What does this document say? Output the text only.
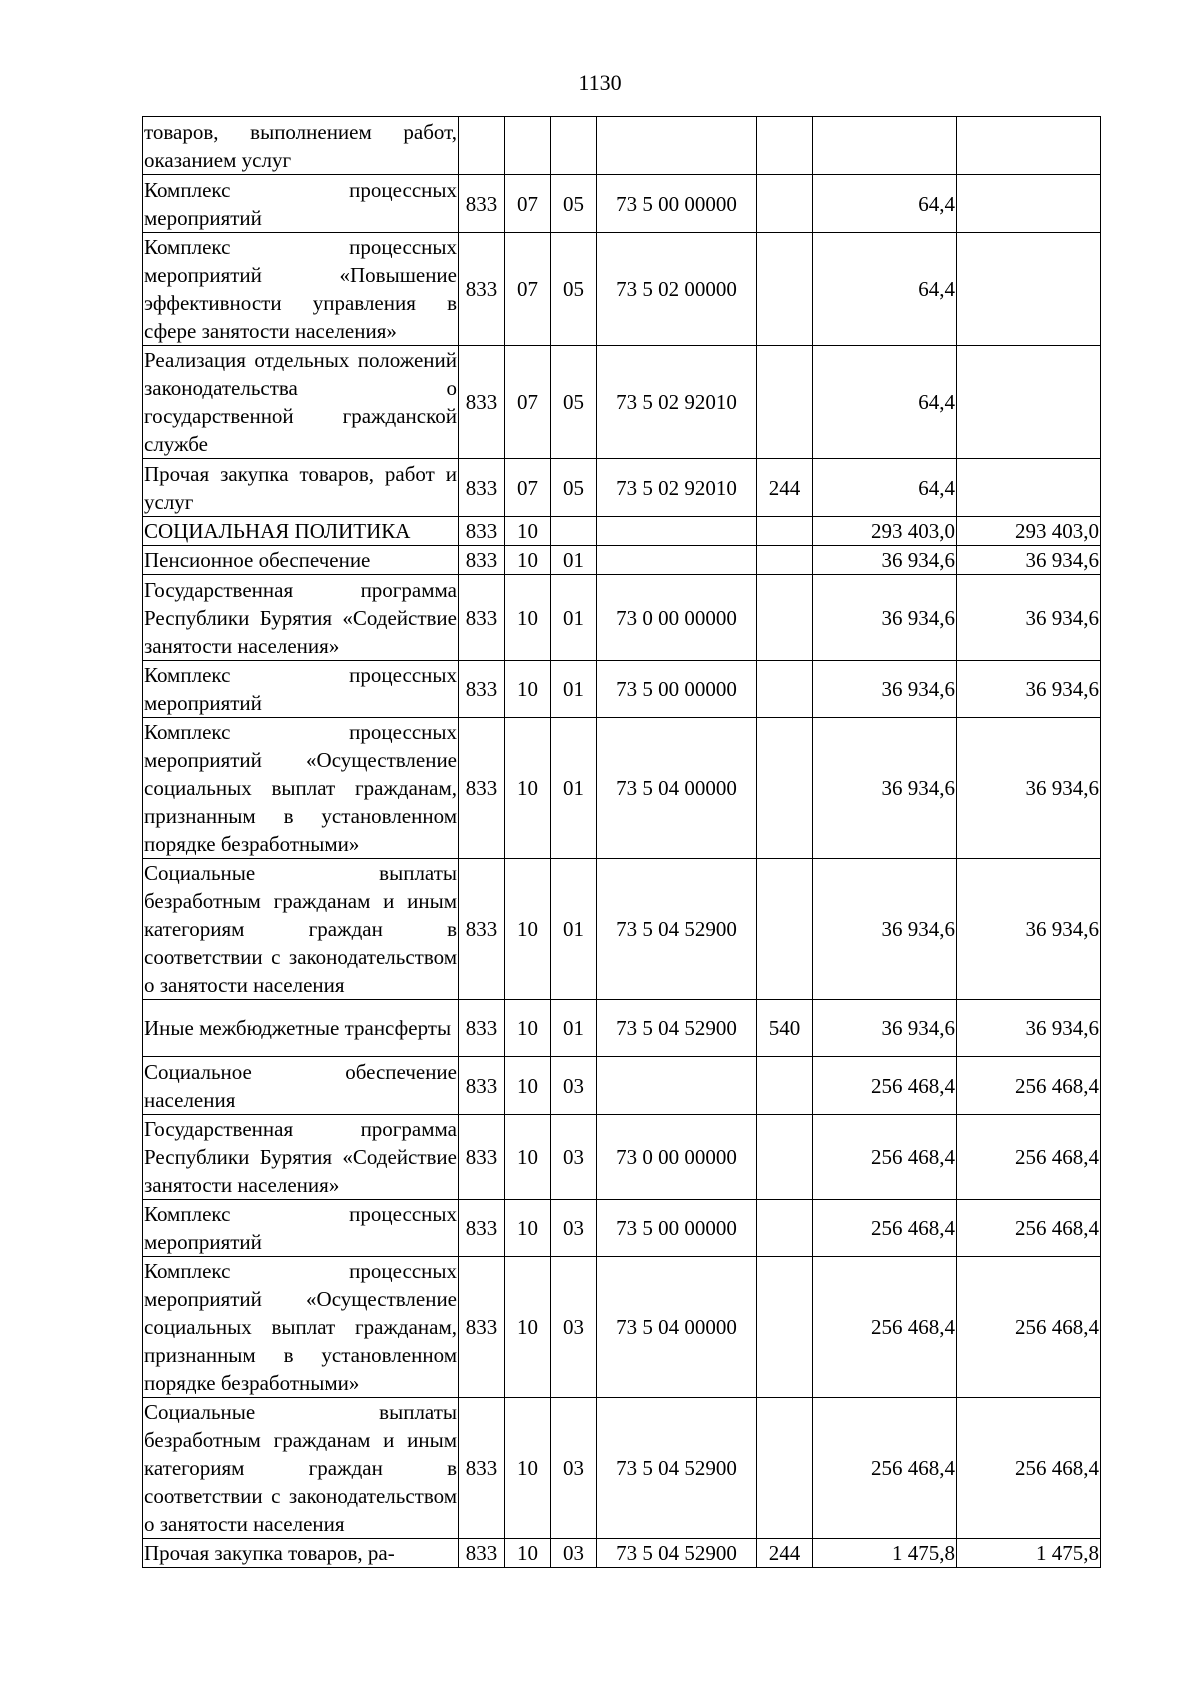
1130
товаров, выполнением работ, оказанием услуг							
Комплекс процессных мероприятий	833	07	05	73 5 00 00000		64,4	
Комплекс процессных мероприятий «Повышение эффективности управления в сфере занятости населения»	833	07	05	73 5 02 00000		64,4	
Реализация отдельных положений законодательства о государственной гражданской службе	833	07	05	73 5 02 92010		64,4	
Прочая закупка товаров, работ и услуг	833	07	05	73 5 02 92010	244	64,4	
СОЦИАЛЬНАЯ ПОЛИТИКА	833	10				293 403,0	293 403,0
Пенсионное обеспечение	833	10	01			36 934,6	36 934,6
Государственная программа Республики Бурятия «Содействие занятости населения»	833	10	01	73 0 00 00000		36 934,6	36 934,6
Комплекс процессных мероприятий	833	10	01	73 5 00 00000		36 934,6	36 934,6
Комплекс процессных мероприятий «Осуществление социальных выплат гражданам, признанным в установленном порядке безработными»	833	10	01	73 5 04 00000		36 934,6	36 934,6
Социальные выплаты безработным гражданам и иным категориям граждан в соответствии с законодательством о занятости населения	833	10	01	73 5 04 52900		36 934,6	36 934,6
Иные межбюджетные трансферты	833	10	01	73 5 04 52900	540	36 934,6	36 934,6
Социальное обеспечение населения	833	10	03			256 468,4	256 468,4
Государственная программа Республики Бурятия «Содействие занятости населения»	833	10	03	73 0 00 00000		256 468,4	256 468,4
Комплекс процессных мероприятий	833	10	03	73 5 00 00000		256 468,4	256 468,4
Комплекс процессных мероприятий «Осуществление социальных выплат гражданам, признанным в установленном порядке безработными»	833	10	03	73 5 04 00000		256 468,4	256 468,4
Социальные выплаты безработным гражданам и иным категориям граждан в соответствии с законодательством о занятости населения	833	10	03	73 5 04 52900		256 468,4	256 468,4
Прочая закупка товаров, ра-	833	10	03	73 5 04 52900	244	1 475,8	1 475,8
